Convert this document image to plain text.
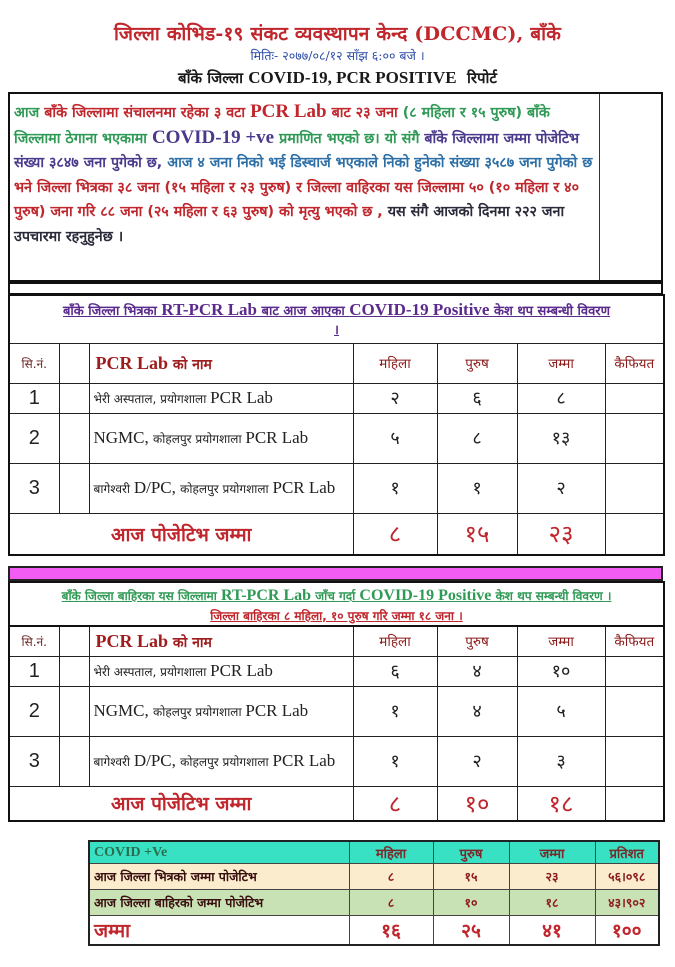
जिल्ला कोभिड-१९ संकट व्यवस्थापन केन्द (DCCMC), बाँके
मितिः- २०७७/०८/१२ साँझ ६:०० बजे ।
बाँके जिल्ला COVID-19, PCR POSITIVE रिपोर्ट
आज बाँके जिल्लामा संचालनमा रहेका ३ वटा PCR Lab बाट २३ जना (८ महिला र १५ पुरुष) बाँके जिल्लामा ठेगाना भएकामा COVID-19 +ve प्रमाणित भएको छ। यो संगै बाँके जिल्लामा जम्मा पोजेटिभ संख्या ३८४७ जना पुगेको छ, आज ४ जना निको भई डिस्चार्ज भएकाले निको हुनेको संख्या ३५८७ जना पुगेको छ भने जिल्ला भित्रका ३८ जना (१५ महिला र २३ पुरुष) र जिल्ला वाहिरका यस जिल्लामा ५० (१० महिला र ४० पुरुष) जना गरि ८८ जना (२५ महिला र ६३ पुरुष) को मृत्यु भएको छ , यस संगै आजको दिनमा २२२ जना उपचारमा रहनुहुनेछ ।
बाँके जिल्ला भित्रका RT-PCR Lab बाट आज आएका COVID-19 Positive केश थप सम्बन्धी विवरण
।						
सि.नं.		PCR Lab को नाम	महिला	पुरुष	जम्मा	कैफियत
1		भेरी अस्पताल, प्रयोगशाला PCR Lab	२	६	८	
2		NGMC, कोहलपुर प्रयोगशाला PCR Lab	५	८	१३	
3		बागेश्वरी D/PC, कोहलपुर प्रयोगशाला PCR Lab	१	१	२	
आज पोजेटिभ जम्मा			८	१५	२३	
बाँके जिल्ला बाहिरका यस जिल्लामा RT-PCR Lab जाँच गर्दा COVID-19 Positive केश थप सम्बन्धी विवरण ।
जिल्ला बाहिरका ८ महिला, १० पुरुष गरि जम्मा १८ जना ।						
सि.नं.		PCR Lab को नाम	महिला	पुरुष	जम्मा	कैफियत
1		भेरी अस्पताल, प्रयोगशाला PCR Lab	६	४	१०	
2		NGMC, कोहलपुर प्रयोगशाला PCR Lab	१	४	५	
3		बागेश्वरी D/PC, कोहलपुर प्रयोगशाला PCR Lab	१	२	३	
आज पोजेटिभ जम्मा			८	१०	१८	
COVID +Ve	महिला	पुरुष	जम्मा	प्रतिशत
आज जिल्ला भित्रको जम्मा पोजेटिभ	८	१५	२३	५६।०९८
आज जिल्ला बाहिरको जम्मा पोजेटिभ	८	१०	१८	४३।९०२
जम्मा	१६	२५	४१	१००
